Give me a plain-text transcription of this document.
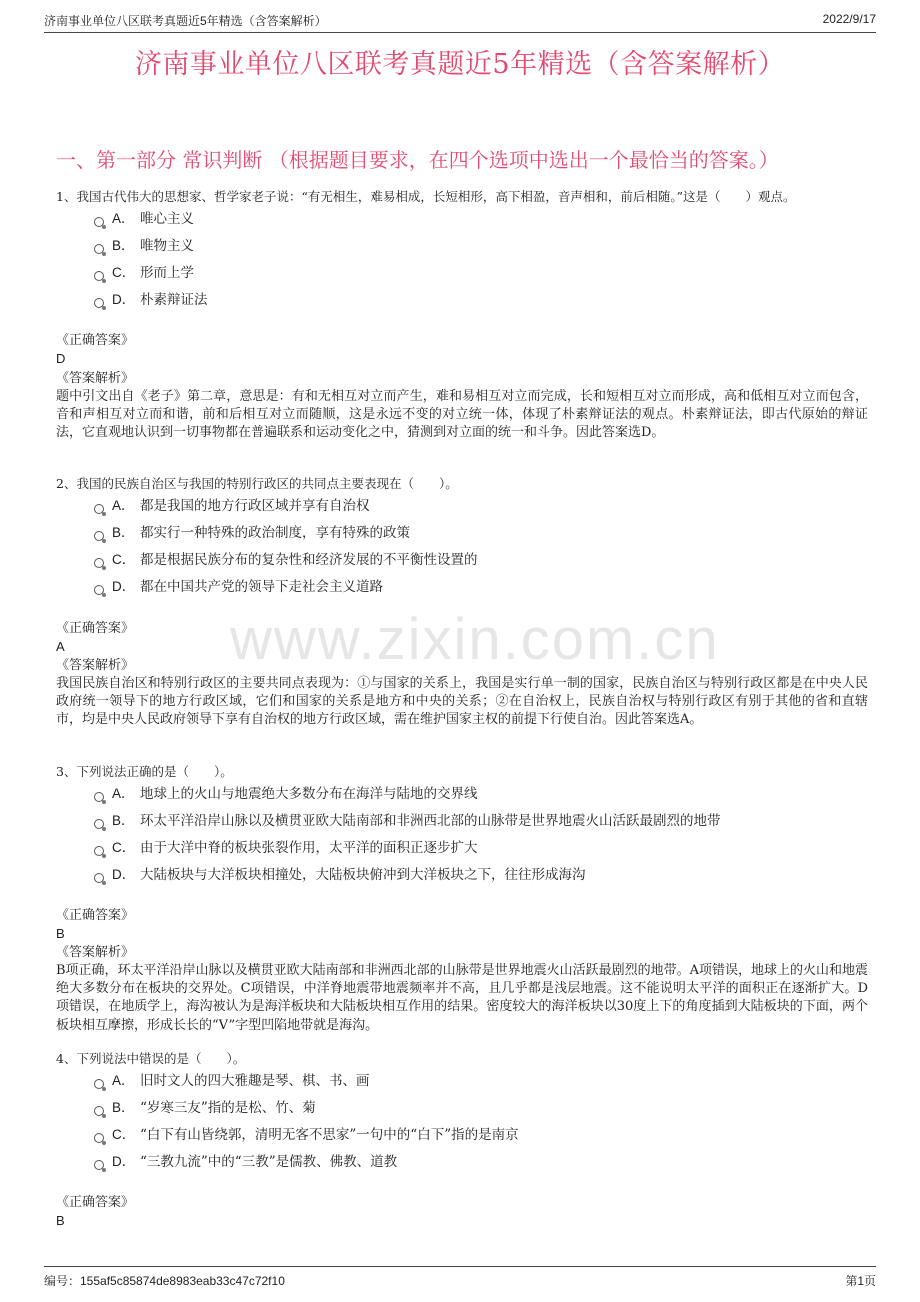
济南事业单位八区联考真题近5年精选（含答案解析）	2022/9/17
济南事业单位八区联考真题近5年精选（含答案解析）
一、第一部分 常识判断 （根据题目要求，在四个选项中选出一个最恰当的答案。）
www.zixin.com.cn
1、我国古代伟大的思想家、哲学家老子说：“有无相生，难易相成，长短相形，高下相盈，音声相和，前后相随。”这是（　　）观点。
A． 唯心主义
B． 唯物主义
C． 形而上学
D． 朴素辩证法
《正确答案》
D
《答案解析》
题中引文出自《老子》第二章，意思是：有和无相互对立而产生，难和易相互对立而完成，长和短相互对立而形成，高和低相互对立而包含，音和声相互对立而和谐，前和后相互对立而随顺，这是永远不变的对立统一体，体现了朴素辩证法的观点。朴素辩证法，即古代原始的辩证法，它直观地认识到一切事物都在普遍联系和运动变化之中，猜测到对立面的统一和斗争。因此答案选D。
2、我国的民族自治区与我国的特别行政区的共同点主要表现在（　　）。
A． 都是我国的地方行政区域并享有自治权
B． 都实行一种特殊的政治制度，享有特殊的政策
C． 都是根据民族分布的复杂性和经济发展的不平衡性设置的
D． 都在中国共产党的领导下走社会主义道路
《正确答案》
A
《答案解析》
我国民族自治区和特别行政区的主要共同点表现为：①与国家的关系上，我国是实行单一制的国家，民族自治区与特别行政区都是在中央人民政府统一领导下的地方行政区域，它们和国家的关系是地方和中央的关系；②在自治权上，民族自治权与特别行政区有别于其他的省和直辖市，均是中央人民政府领导下享有自治权的地方行政区域，需在维护国家主权的前提下行使自治。因此答案选A。
3、下列说法正确的是（　　）。
A． 地球上的火山与地震绝大多数分布在海洋与陆地的交界线
B． 环太平洋沿岸山脉以及横贯亚欧大陆南部和非洲西北部的山脉带是世界地震火山活跃最剧烈的地带
C． 由于大洋中脊的板块张裂作用，太平洋的面积正逐步扩大
D． 大陆板块与大洋板块相撞处，大陆板块俯冲到大洋板块之下，往往形成海沟
《正确答案》
B
《答案解析》
B项正确，环太平洋沿岸山脉以及横贯亚欧大陆南部和非洲西北部的山脉带是世界地震火山活跃最剧烈的地带。A项错误，地球上的火山和地震绝大多数分布在板块的交界处。C项错误，中洋脊地震带地震频率并不高，且几乎都是浅层地震。这不能说明太平洋的面积正在逐渐扩大。D项错误，在地质学上，海沟被认为是海洋板块和大陆板块相互作用的结果。密度较大的海洋板块以30度上下的角度插到大陆板块的下面，两个板块相互摩擦，形成长长的“V”字型凹陷地带就是海沟。
4、下列说法中错误的是（　　）。
A． 旧时文人的四大雅趣是琴、棋、书、画
B． “岁寒三友”指的是松、竹、菊
C． “白下有山皆绕郭，清明无客不思家”一句中的“白下”指的是南京
D． “三教九流”中的“三教”是儒教、佛教、道教
《正确答案》
B
编号：155af5c85874de8983eab33c47c72f10	第1页
